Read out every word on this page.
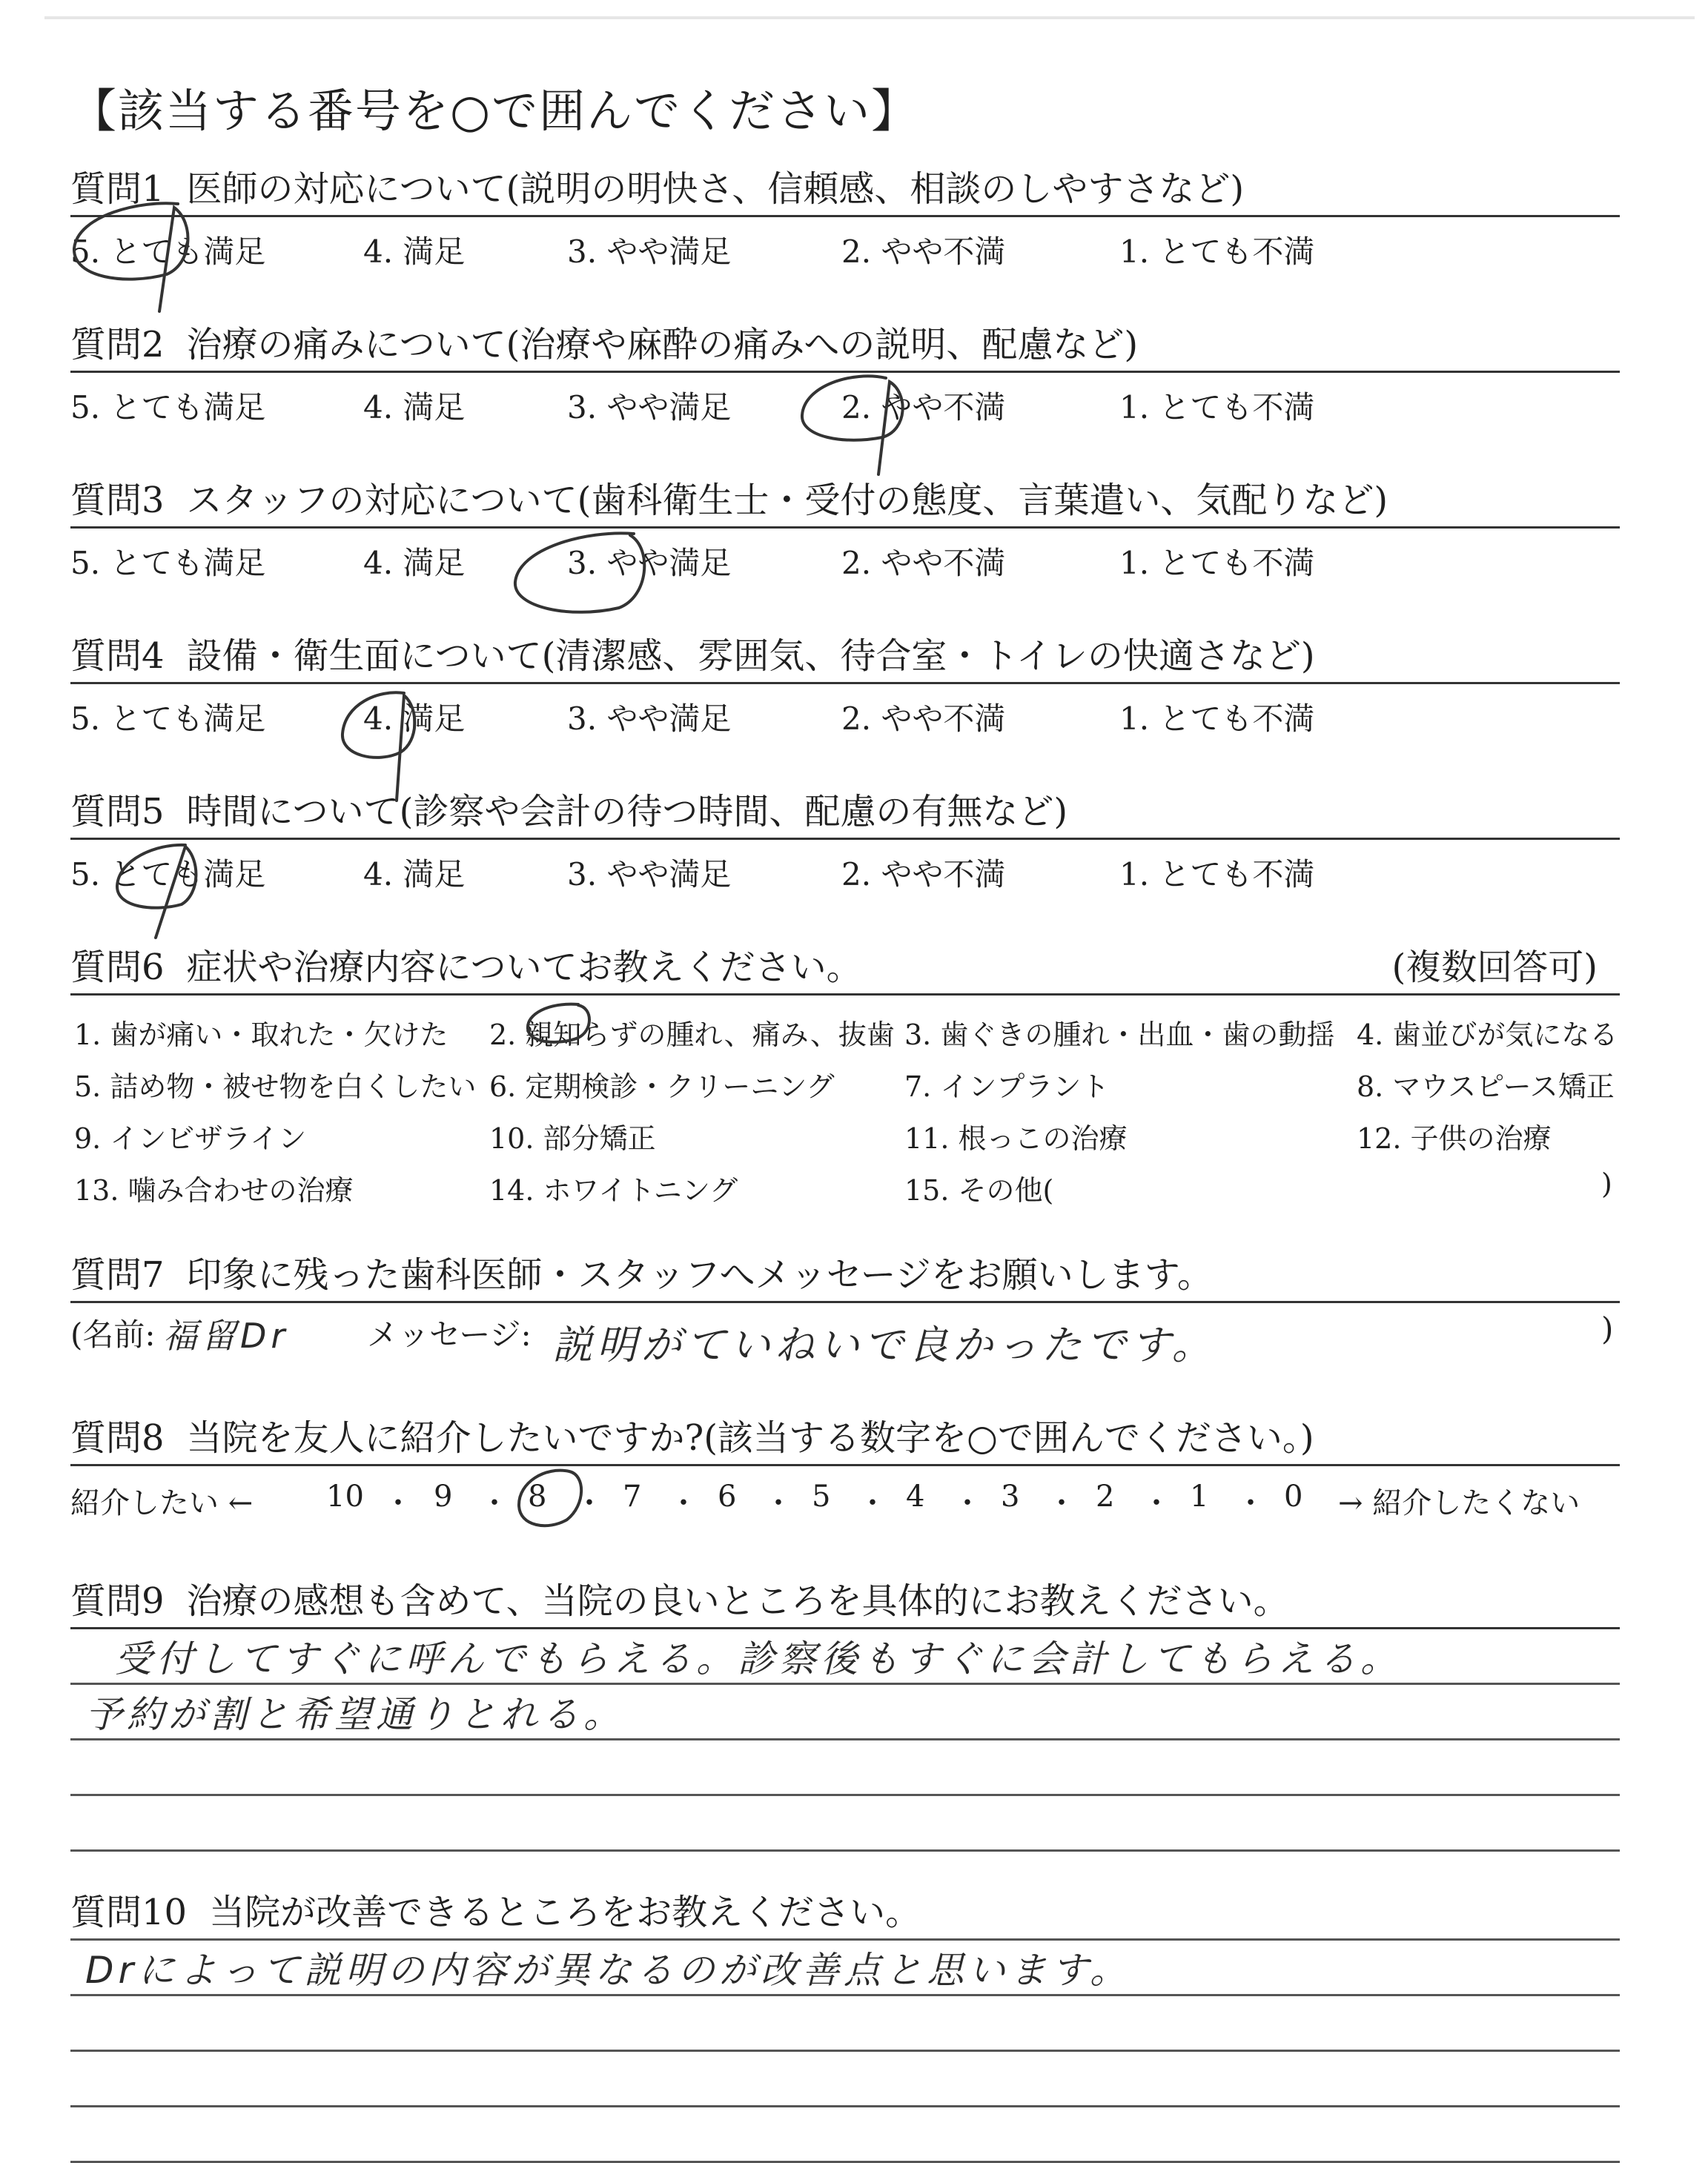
【該当する番号を○で囲んでください】
質問1 医師の対応について(説明の明快さ、信頼感、相談のしやすさなど)
5. とても満足	4. 満足	3. やや満足	2. やや不満	1. とても不満
質問2 治療の痛みについて(治療や麻酔の痛みへの説明、配慮など)
5. とても満足	4. 満足	3. やや満足	2. やや不満	1. とても不満
質問3 スタッフの対応について(歯科衛生士・受付の態度、言葉遣い、気配りなど)
5. とても満足	4. 満足	3. やや満足	2. やや不満	1. とても不満
質問4 設備・衛生面について(清潔感、雰囲気、待合室・トイレの快適さなど)
5. とても満足	4. 満足	3. やや満足	2. やや不満	1. とても不満
質問5 時間について(診察や会計の待つ時間、配慮の有無など)
5. とても満足	4. 満足	3. やや満足	2. やや不満	1. とても不満
質問6 症状や治療内容についてお教えください。	(複数回答可)
1. 歯が痛い・取れた・欠けた 2. 親知らずの腫れ、痛み、抜歯 3. 歯ぐきの腫れ・出血・歯の動揺 4. 歯並びが気になる
5. 詰め物・被せ物を白くしたい 6. 定期検診・クリーニング 7. インプラント	8. マウスピース矯正
9. インビザライン	10. 部分矯正	11. 根っこの治療	12. 子供の治療
13. 噛み合わせの治療	14. ホワイトニング	15. その他(	)
質問7 印象に残った歯科医師・スタッフへメッセージをお願いします。
(名前: 福留Dr メッセージ: 説明がていねいで良かったです。	)
質問8 当院を友人に紹介したいですか?(該当する数字を○で囲んでください。)
紹介したい ← 10 ・ 9 ・ 8 ・ 7 ・ 6 ・ 5 ・ 4 ・ 3 ・ 2 ・ 1 ・ 0 → 紹介したくない
質問9 治療の感想も含めて、当院の良いところを具体的にお教えください。
受付してすぐに呼んでもらえる。診察後もすぐに会計してもらえる。
予約が割と希望通りとれる。
質問10 当院が改善できるところをお教えください。
Drによって説明の内容が異なるのが改善点と思います。
